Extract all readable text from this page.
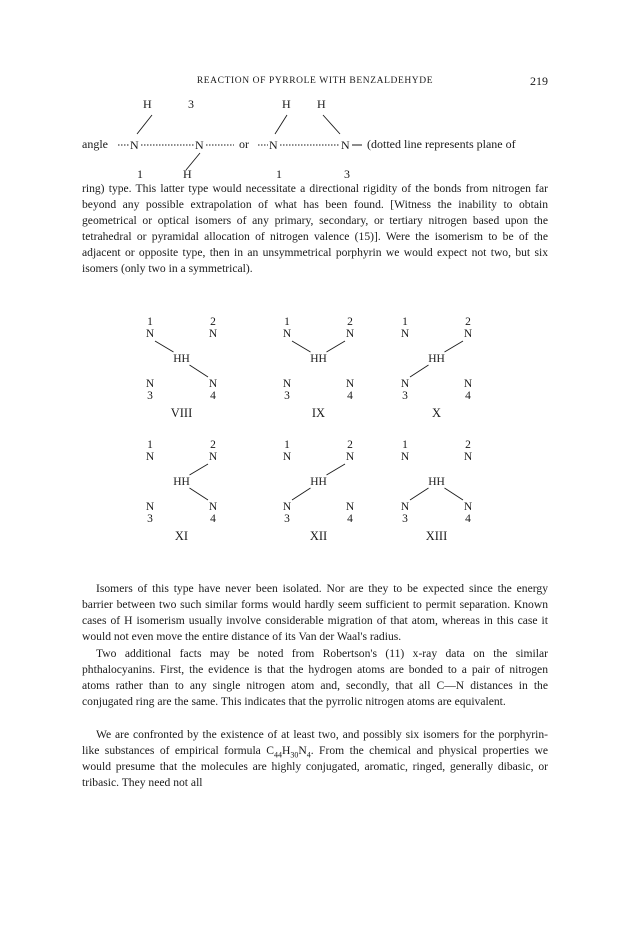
REACTION OF PYRROLE WITH BENZALDEHYDE	219
angle
H	3
N	N
1	H
or
H H
N	N (dotted line represents plane of
1	3

ring) type. This latter type would necessitate a directional rigidity of the bonds from nitrogen far beyond any possible extrapolation of what has been found. [Witness the inability to obtain geometrical or optical isomers of any primary, secondary, or tertiary nitrogen based upon the tetrahedral or pyramidal allocation of nitrogen valence (15)]. Were the isomerism to be of the adjacent or opposite type, then in an unsymmetrical porphyrin we would expect not two, but six isomers (only two in a symmetrical).

1	2
N	N
HH
N	N
3	4
VIII
1	2
N	N
HH
N	N
3	4
IX
1	2
N	N
HH
N	N
3	4
X
1	2
N	N
HH
N	N
3	4
XI
1	2
N	N
HH
N	N
3	4
XII
1	2
N	N
HH
N	N
3	4
XIII

Isomers of this type have never been isolated. Nor are they to be expected since the energy barrier between two such similar forms would hardly seem sufficient to permit separation. Known cases of H isomerism usually involve considerable migration of that atom, whereas in this case it would not even move the entire distance of its Van der Waal's radius.

Two additional facts may be noted from Robertson's (11) x-ray data on the similar phthalocyanins. First, the evidence is that the hydrogen atoms are bonded to a pair of nitrogen atoms rather than to any single nitrogen atom and, secondly, that all C—N distances in the conjugated ring are the same. This indicates that the pyrrolic nitrogen atoms are equivalent.

We are confronted by the existence of at least two, and possibly six isomers for the porphyrin-like substances of empirical formula $C_{44}H_{30}N_4$. From the chemical and physical properties we would presume that the molecules are highly conjugated, aromatic, ringed, generally dibasic, or tribasic. They need not all
